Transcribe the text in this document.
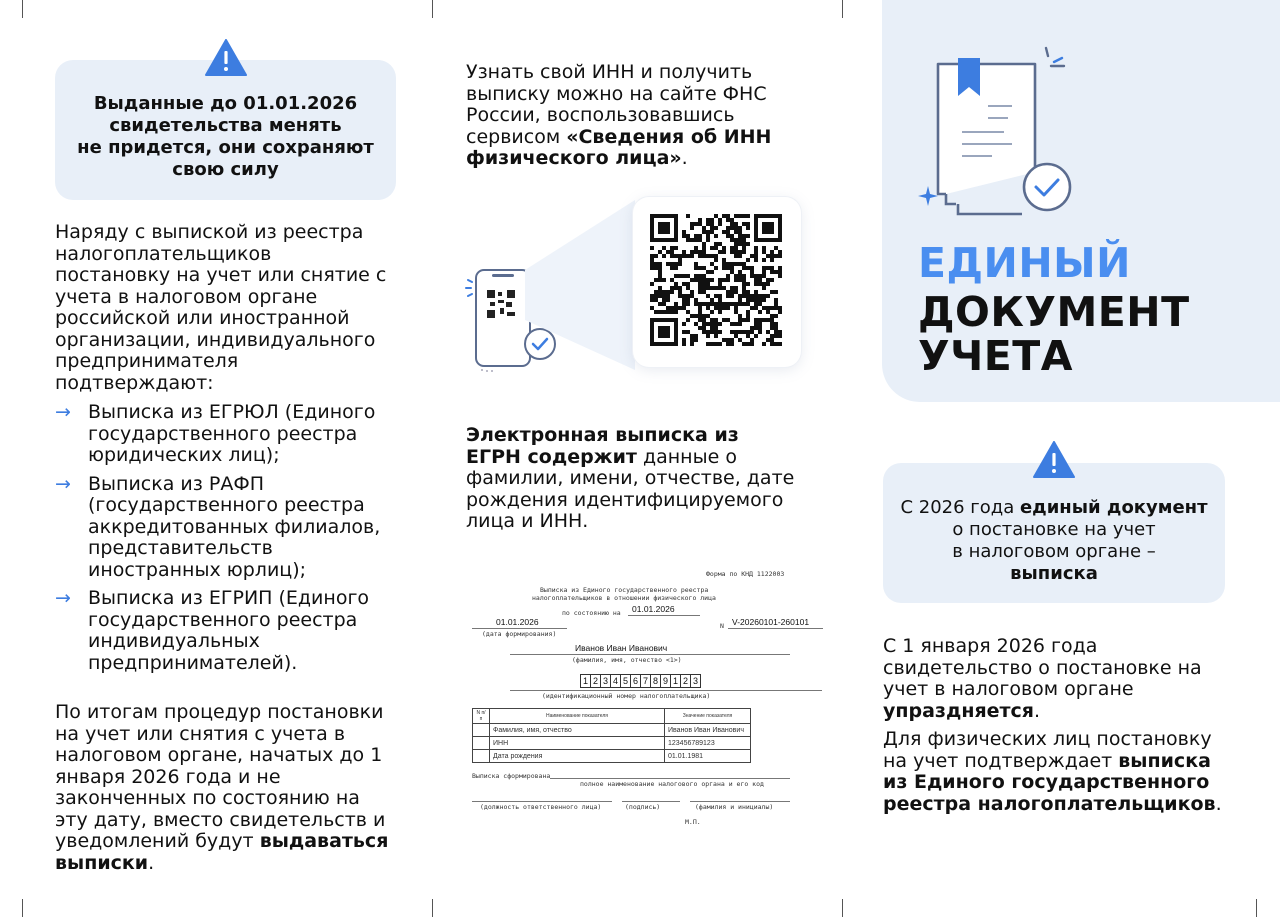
Выданные до 01.01.2026
свидетельства менять
не придется, они сохраняют
свою силу
Наряду с выпиской из реестра налогоплательщиков постановку на учет или снятие с учета в налоговом органе российской или иностранной организации, индивидуального предпринимателя подтверждают:
→ Выписка из ЕГРЮЛ (Единого государственного реестра юридических лиц);
→ Выписка из РАФП (государственного реестра аккредитованных филиалов, представительств иностранных юрлиц);
→ Выписка из ЕГРИП (Единого государственного реестра индивидуальных предпринимателей).
По итогам процедур постановки на учет или снятия с учета в налоговом органе, начатых до 1 января 2026 года и не законченных по состоянию на эту дату, вместо свидетельств и уведомлений будут выдаваться выписки.
Узнать свой ИНН и получить выписку можно на сайте ФНС России, воспользовавшись сервисом «Сведения об ИНН физического лица».
Электронная выписка из ЕГРН содержит данные о фамилии, имени, отчестве, дате рождения идентифицируемого лица и ИНН.
Форма по КНД 1122003
Выписка из Единого государственного реестра
налогоплательщиков в отношении физического лица
по состоянию на 01.01.2026
01.01.2026
(дата формирования)
N V-20260101-260101
Иванов Иван Иванович
(фамилия, имя, отчество <1>)
1 2 3 4 5 6 7 8 9 1 2 3
(идентификационный номер налогоплательщика)
N п/п	Наименование показателя	Значение показателя
	Фамилия, имя, отчество	Иванов Иван Иванович
	ИНН	123456789123
	Дата рождения	01.01.1981
Выписка сформирована
полное наименование налогового органа и его код
(должность ответственного лица)	(подпись)	(фамилия и инициалы)
М.П.
ЕДИНЫЙ
ДОКУМЕНТ
УЧЕТА
С 2026 года единый документ
о постановке на учет
в налоговом органе –
выписка
С 1 января 2026 года свидетельство о постановке на учет в налоговом органе упраздняется.
Для физических лиц постановку на учет подтверждает выписка из Единого государственного реестра налогоплательщиков.
